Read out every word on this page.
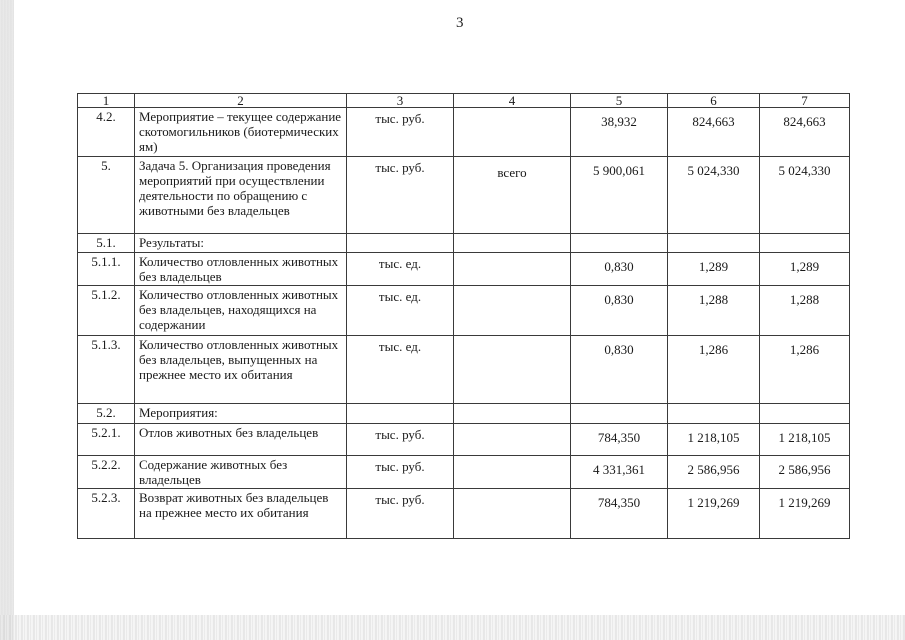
3
1	2	3	4	5	6	7
4.2.	Мероприятие – текущее содержание скотомогильников (биотермических ям)	тыс. руб.		38,932	824,663	824,663
5.	Задача 5. Организация проведения мероприятий при осуществлении деятельности по обращению с животными без владельцев	тыс. руб.	всего	5 900,061	5 024,330	5 024,330
5.1.	Результаты:					
5.1.1.	Количество отловленных животных без владельцев	тыс. ед.		0,830	1,289	1,289
5.1.2.	Количество отловленных животных без владельцев, находящихся на содержании	тыс. ед.		0,830	1,288	1,288
5.1.3.	Количество отловленных животных без владельцев, выпущенных на прежнее место их обитания	тыс. ед.		0,830	1,286	1,286
5.2.	Мероприятия:					
5.2.1.	Отлов животных без владельцев	тыс. руб.		784,350	1 218,105	1 218,105
5.2.2.	Содержание животных без владельцев	тыс. руб.		4 331,361	2 586,956	2 586,956
5.2.3.	Возврат животных без владельцев на прежнее место их обитания	тыс. руб.		784,350	1 219,269	1 219,269
